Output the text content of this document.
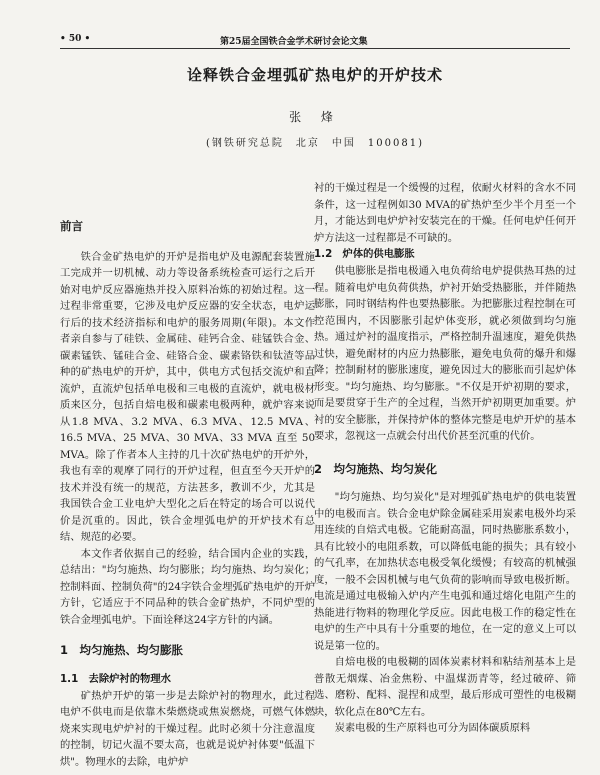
• 50 •	第25届全国铁合金学术研讨会论文集
诠释铁合金埋弧矿热电炉的开炉技术
张 烽
(钢铁研究总院　北京　中国　100081)
前言

铁合金矿热电炉的开炉是指电炉及电源配套装置施工完成并一切机械、动力等设备系统检查可运行之后开始对电炉反应器施热并投入原料冶炼的初始过程。这一过程非常重要，它涉及电炉反应器的安全状态，电炉运行后的技术经济指标和电炉的服务周期(年限)。本文作者亲自参与了硅铁、金属硅、硅钙合金、硅锰铁合金、碳素锰铁、锰硅合金、硅铬合金、碳素铬铁和钛渣等品种的矿热电炉的开炉，其中，供电方式包括交流炉和直流炉，直流炉包括单电极和三电极的直流炉，就电极材质来区分，包括自焙电极和碳素电极两种，就炉容来说从1.8 MVA、3.2 MVA、6.3 MVA、12.5 MVA、16.5 MVA、25 MVA、30 MVA、33 MVA 直至 50 MVA。除了作者本人主持的几十次矿热电炉的开炉外，我也有幸的观摩了同行的开炉过程，但直至今天开炉的技术并没有统一的规范，方法甚多，教训不少，尤其是我国铁合金工业电炉大型化之后在特定的场合可以说代价是沉重的。因此，铁合金埋弧电炉的开炉技术有总结、规范的必要。

本文作者依据自己的经验，结合国内企业的实践，总结出："均匀施热、均匀膨胀；均匀施热、均匀炭化；控制料面、控制负荷"的24字铁合金埋弧矿热电炉的开炉方针，它适应于不同品种的铁合金矿热炉，不同炉型的铁合金埋弧电炉。下面诠释这24字方针的内涵。

1　均匀施热、均匀膨胀
1.1　去除炉衬的物理水

矿热炉开炉的第一步是去除炉衬的物理水，此过程电炉不供电而是依靠木柴燃烧或焦炭燃烧，可燃气体燃烧来实现电炉炉衬的干燥过程。此时必须十分注意温度的控制，切记火温不要太高，也就是说炉衬体要"低温下烘"。物理水的去除，电炉炉

衬的干燥过程是一个缓慢的过程，依耐火材料的含水不同条件，这一过程例如30 MVA的矿热炉至少半个月至一个月，才能达到电炉炉衬安装完在的干燥。任何电炉任何开炉方法这一过程都是不可缺的。

1.2　炉体的供电膨胀

供电膨胀是指电极通入电负荷给电炉提供热耳热的过程。随着电炉电负荷供热，炉衬开始受热膨胀，并伴随热膨胀，同时钢结构件也要热膨胀。为把膨胀过程控制在可控范围内，不因膨胀引起炉体变形，就必须做到均匀施热。通过炉衬的温度指示，严格控制升温速度，避免供热过快，避免耐材的内应力热膨胀，避免电负荷的爆升和爆降；控制耐材的膨胀速度，避免因过大的膨胀而引起炉体形变。"均匀施热、均匀膨胀。"不仅是开炉初期的要求，而是要贯穿于生产的全过程，当然开炉初期更加重要。炉衬的安全膨胀，并保持炉体的整体完整是电炉开炉的基本要求，忽视这一点就会付出代价甚至沉重的代价。

2　均匀施热、均匀炭化

"均匀施热、均匀炭化"是对埋弧矿热电炉的供电装置中的电极而言。铁合金电炉除金属硅采用炭素电极外均采用连续的自焙式电极。它能耐高温，同时热膨胀系数小，具有比较小的电阻系数，可以降低电能的损失；具有较小的气孔率，在加热状态电极受氧化缓慢；有较高的机械强度，一般不会因机械与电气负荷的影响而导致电极折断。电流是通过电极输入炉内产生电弧和通过熔化电阻产生的热能进行物料的物理化学反应。因此电极工作的稳定性在电炉的生产中具有十分重要的地位，在一定的意义上可以说是第一位的。

自焙电极的电极糊的固体炭素材料和粘结剂基本上是普散无烟煤、冶金焦粉、中温煤沥青等，经过破碎、筛选、磨粉、配料、混捏和成型，最后形成可塑性的电极糊块，软化点在80℃左右。

炭素电极的生产原料也可分为固体碳质原料
